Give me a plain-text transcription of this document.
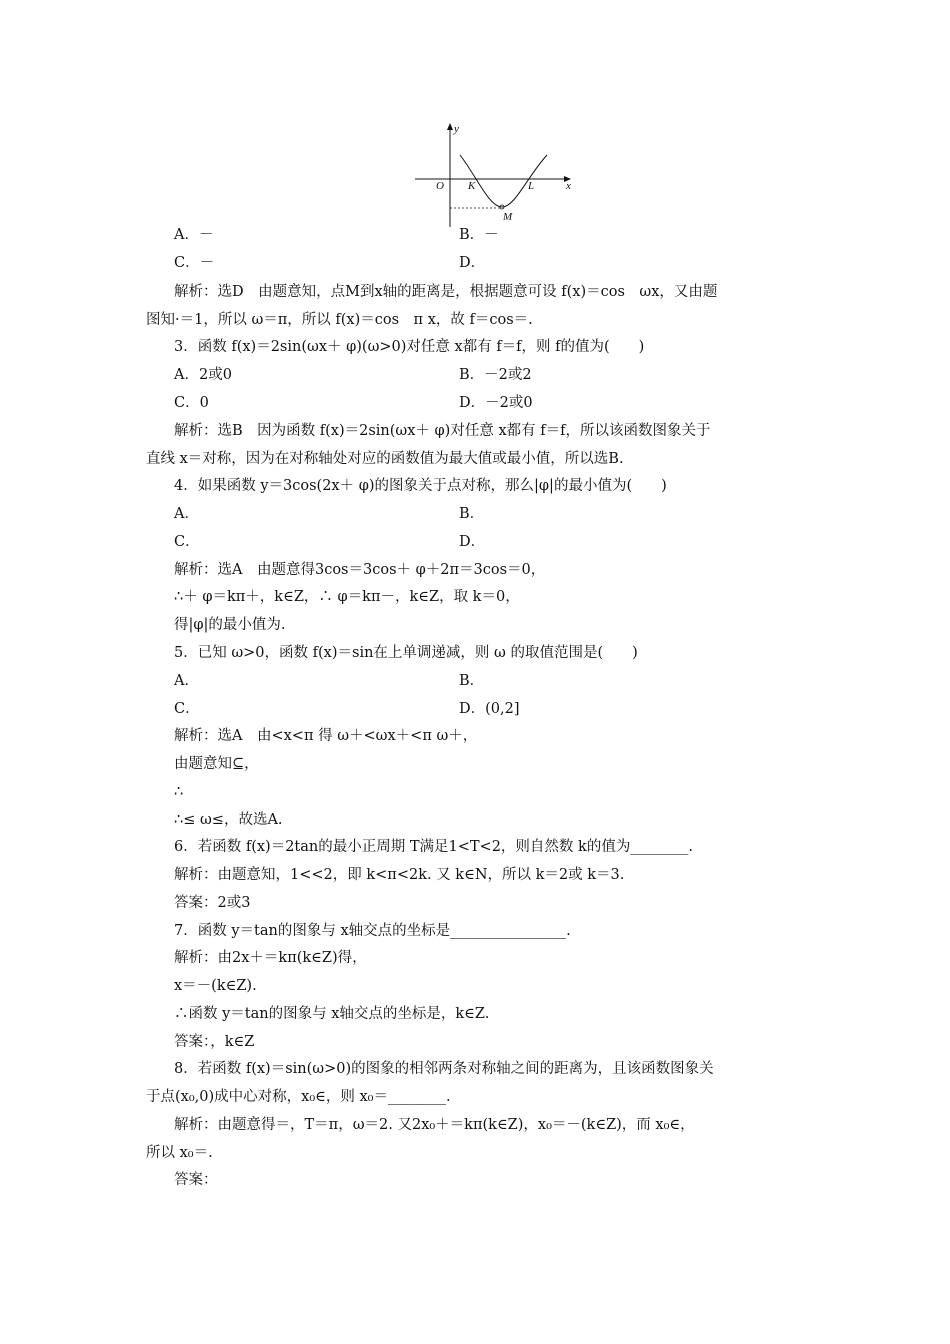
y
x
O K	L
M
A．－	B．－
C．－	D．
解析：选D　由题意知，点M到x轴的距离是，根据题意可设 f(x)＝cos　ωx，又由题
图知·＝1，所以 ω＝π，所以 f(x)＝cos　π x，故 f＝cos＝.
3．函数 f(x)＝2sin(ωx＋ φ)(ω>0)对任意 x都有 f＝f，则 f的值为(　　)
A．2或0	B．－2或2
C．0	D．－2或0
解析：选B　因为函数 f(x)＝2sin(ωx＋ φ)对任意 x都有 f＝f，所以该函数图象关于
直线 x＝对称，因为在对称轴处对应的函数值为最大值或最小值，所以选B.
4．如果函数 y＝3cos(2x＋ φ)的图象关于点对称，那么|φ|的最小值为(　　)
A．	B．
C．	D．
解析：选A　由题意得3cos＝3cos＋ φ＋2π＝3cos＝0，
∴＋ φ＝kπ＋，k∈Z，∴ φ＝kπ－，k∈Z，取 k＝0，
得|φ|的最小值为.
5．已知 ω>0，函数 f(x)＝sin在上单调递减，则 ω 的取值范围是(　　)
A．	B．
C．	D．(0,2]
解析：选A　由<x<π 得 ω＋<ωx＋<π ω＋，
由题意知⊆，
∴
∴≤ ω≤，故选A.
6．若函数 f(x)＝2tan的最小正周期 T满足1<T<2，则自然数 k的值为________.
解析：由题意知，1<<2，即 k<π<2k. 又 k∈N，所以 k＝2或 k＝3.
答案：2或3
7．函数 y＝tan的图象与 x轴交点的坐标是________________.
解析：由2x＋＝kπ(k∈Z)得，
x＝－(k∈Z).
∴函数 y＝tan的图象与 x轴交点的坐标是，k∈Z.
答案：，k∈Z
8．若函数 f(x)＝sin(ω>0)的图象的相邻两条对称轴之间的距离为，且该函数图象关
于点(x₀,0)成中心对称，x₀∈，则 x₀＝________.
解析：由题意得＝，T＝π，ω＝2. 又2x₀＋＝kπ(k∈Z)，x₀＝－(k∈Z)，而 x₀∈，
所以 x₀＝.
答案：
